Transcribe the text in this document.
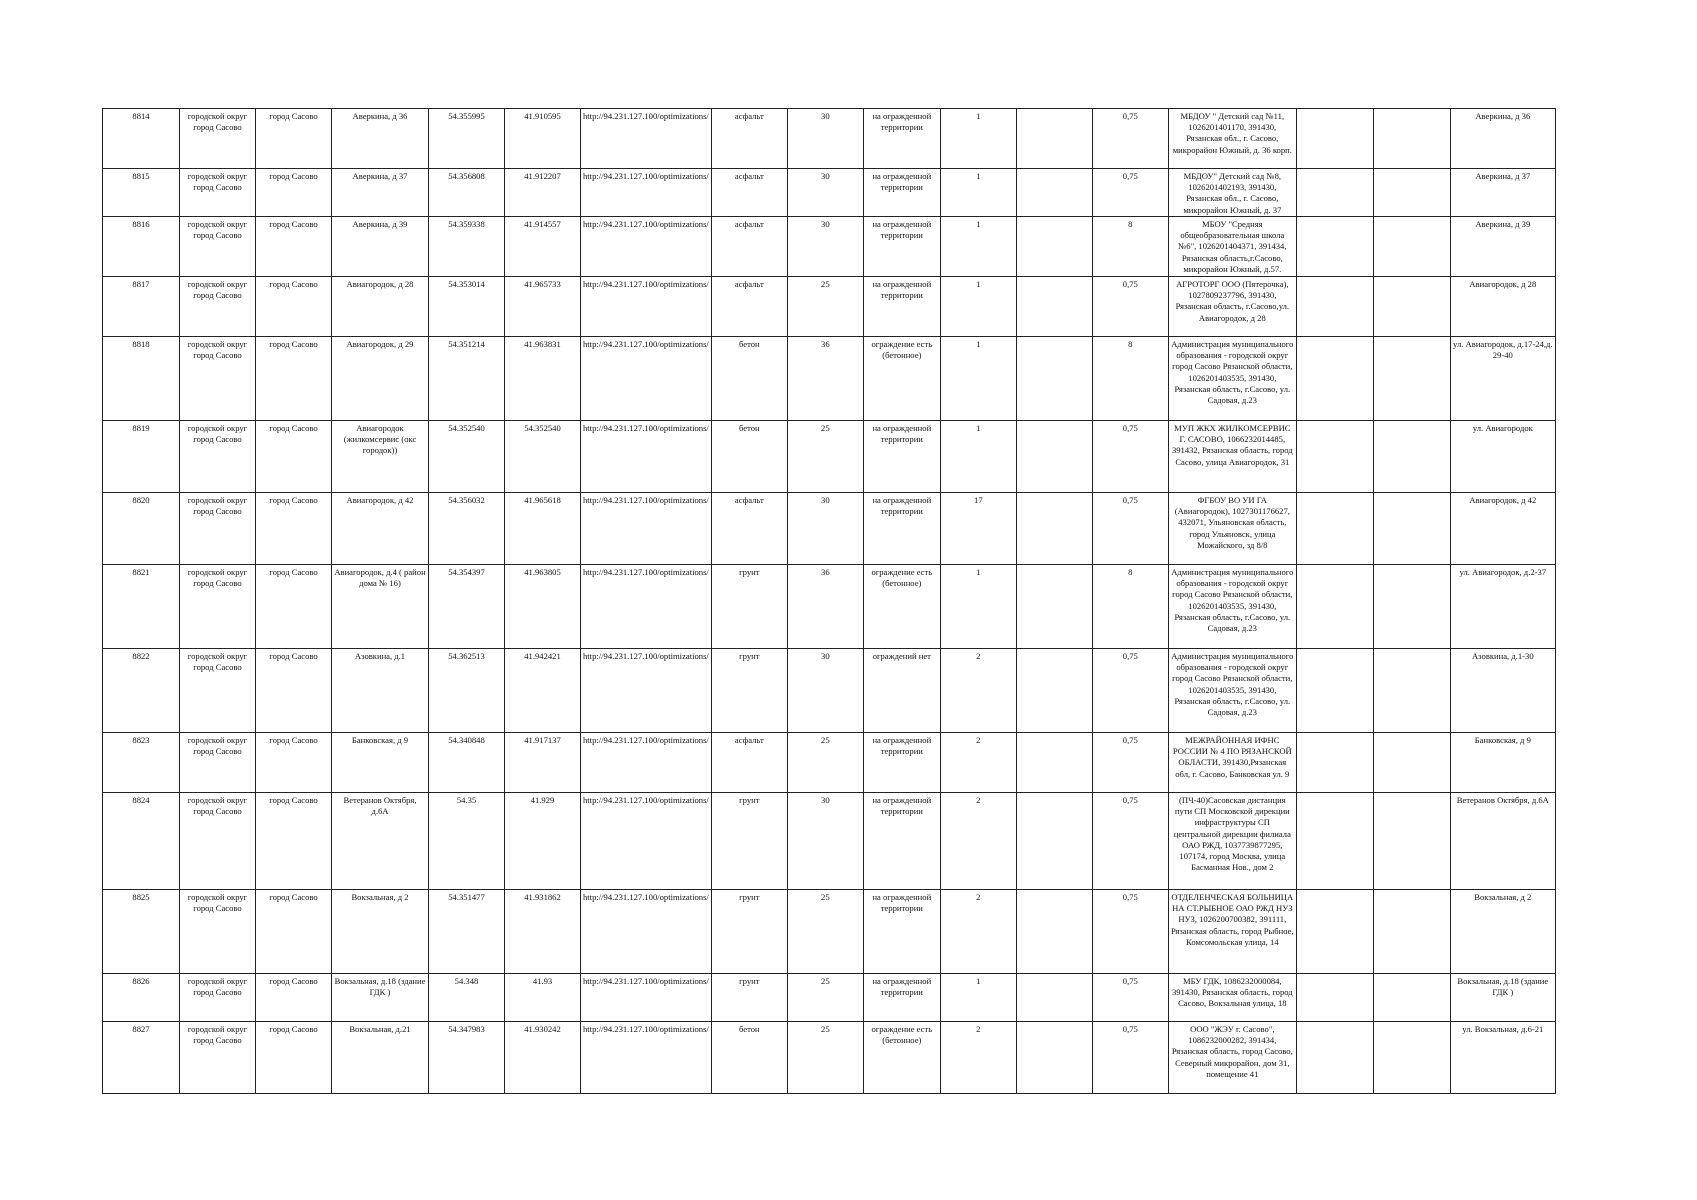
8814	городской округ город Сасово	город Сасово	Аверкина, д 36	54.355995	41.910595	http://94.231.127.100/optimizations/	асфальт	30	на огражденной территории	1		0,75	МБДОУ " Детский сад №11, 1026201401170, 391430, Рязанская обл., г. Сасово, микрорайон Южный, д. 36 корп.			Аверкина, д 36
8815	городской округ город Сасово	город Сасово	Аверкина, д 37	54.356808	41.912207	http://94.231.127.100/optimizations/	асфальт	30	на огражденной территории	1		0,75	МБДОУ" Детский сад №8, 1026201402193, 391430, Рязанская обл., г. Сасово, микрорайон Южный, д. 37			Аверкина, д 37
8816	городской округ город Сасово	город Сасово	Аверкина, д 39	54.359338	41.914557	http://94.231.127.100/optimizations/	асфальт	30	на огражденной территории	1		8	МБОУ "Средняя общеобразовательная школа №6", 1026201404371, 391434, Рязанская область,г.Сасово, микрорайон Южный, д.57.			Аверкина, д 39
8817	городской округ город Сасово	город Сасово	Авиагородок, д 28	54.353014	41.965733	http://94.231.127.100/optimizations/	асфальт	25	на огражденной территории	1		0,75	АГРОТОРГ ООО (Пятерочка), 1027809237796, 391430, Рязанская область, г.Сасово,ул. Авиагородок, д 28			Авиагородок, д 28
8818	городской округ город Сасово	город Сасово	Авиагородок, д 29	54.351214	41.963831	http://94.231.127.100/optimizations/	бетон	36	ограждение есть (бетонное)	1		8	Администрация муниципального образования - городской округ город Сасово Рязанской области, 1026201403535, 391430, Рязанская область, г.Сасово, ул. Садовая, д.23			ул. Авиагородок, д.17-24,д. 29-40
8819	городской округ город Сасово	город Сасово	Авиагородок (жилкомсервис (окс городок))	54.352540	54.352540	http://94.231.127.100/optimizations/	бетон	25	на огражденной территории	1		0,75	МУП ЖКХ ЖИЛКОМСЕРВИС Г. САСОВО, 1066232014485, 391432, Рязанская область, город Сасово, улица Авиагородок, 31			ул. Авиагородок
8820	городской округ город Сасово	город Сасово	Авиагородок, д 42	54.356032	41.965618	http://94.231.127.100/optimizations/	асфальт	30	на огражденной территории	17		0,75	ФГБОУ ВО УИ ГА (Авиагородок), 1027301176627, 432071, Ульяновская область, город Ульяновск, улица Можайского, зд 8/8			Авиагородок, д 42
8821	городской округ город Сасово	город Сасово	Авиагородок, д.4 ( район дома № 16)	54.354397	41.963805	http://94.231.127.100/optimizations/	грунт	36	ограждение есть (бетонное)	1		8	Администрация муниципального образования - городской округ город Сасово Рязанской области, 1026201403535, 391430, Рязанская область, г.Сасово, ул. Садовая, д.23			ул. Авиагородок, д.2-37
8822	городской округ город Сасово	город Сасово	Азовкина, д.1	54.362513	41.942421	http://94.231.127.100/optimizations/	грунт	30	ограждений нет	2		0,75	Администрация муниципального образования - городской округ город Сасово Рязанской области, 1026201403535, 391430, Рязанская область, г.Сасово, ул. Садовая, д.23			Азовкина, д.1-30
8823	городской округ город Сасово	город Сасово	Банковская, д 9	54.340848	41.917137	http://94.231.127.100/optimizations/	асфальт	25	на огражденной территории	2		0,75	МЕЖРАЙОННАЯ ИФНС РОССИИ № 4 ПО РЯЗАНСКОЙ ОБЛАСТИ, 391430,Рязанская обл, г. Сасово, Банковская ул. 9			Банковская, д 9
8824	городской округ город Сасово	город Сасово	Ветеранов Октября, д.6А	54.35	41.929	http://94.231.127.100/optimizations/	грунт	30	на огражденной территории	2		0,75	(ПЧ-40)Сасовская дистанция пути СП Московской дирекции инфраструктуры СП центральной дирекции филиала ОАО РЖД, 1037739877295, 107174, город Москва, улица Басманная Нов., дом 2			Ветеранов Октября, д.6А
8825	городской округ город Сасово	город Сасово	Вокзальная, д 2	54.351477	41.931862	http://94.231.127.100/optimizations/	грунт	25	на огражденной территории	2		0,75	ОТДЕЛЕНЧЕСКАЯ БОЛЬНИЦА НА СТ.РЫБНОЕ ОАО РЖД НУЗ НУЗ, 1026200700382, 391111, Рязанская область, город Рыбное, Комсомольская улица, 14			Вокзальная, д 2
8826	городской округ город Сасово	город Сасово	Вокзальная, д.18 (здание ГДК )	54.348	41.93	http://94.231.127.100/optimizations/	грунт	25	на огражденной территории	1		0,75	МБУ ГДК, 1086232000084, 391430, Рязанская область, город Сасово, Вокзальная улица, 18			Вокзальная, д.18 (здание ГДК )
8827	городской округ город Сасово	город Сасово	Вокзальная, д.21	54.347983	41.930242	http://94.231.127.100/optimizations/	бетон	25	ограждение есть (бетонное)	2		0,75	ООО "ЖЭУ г. Сасово", 1086232000282, 391434, Рязанская область, город Сасово, Северный микрорайон, дом 31, помещение 41			ул. Вокзальная, д.6-21
